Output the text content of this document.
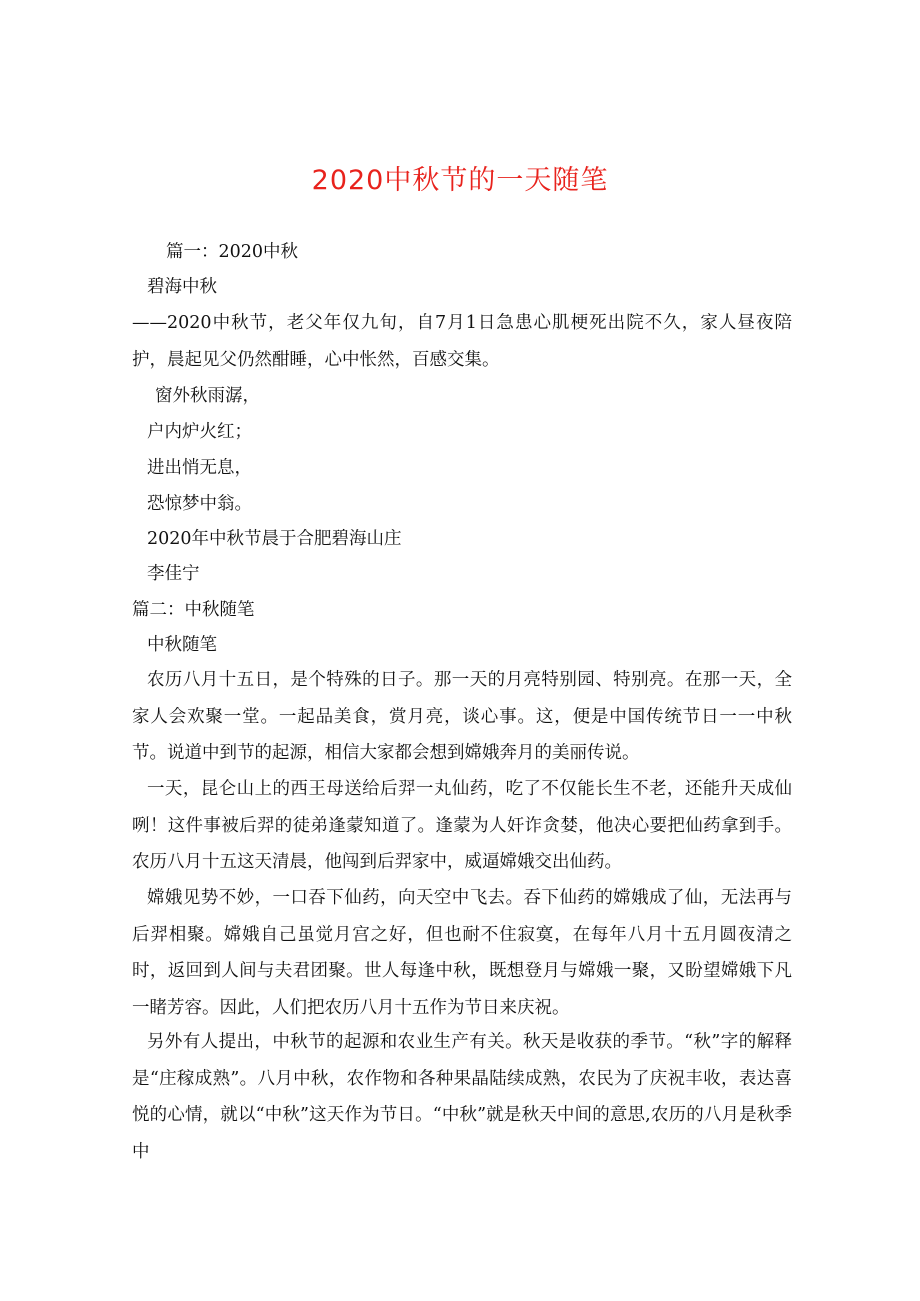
2020中秋节的一天随笔
篇一：2020中秋
碧海中秋
——2020中秋节，老父年仅九旬，自7月1日急患心肌梗死出院不久，家人昼夜陪护，晨起见父仍然酣睡，心中怅然，百感交集。
窗外秋雨潺，
户内炉火红；
进出悄无息，
恐惊梦中翁。
2020年中秋节晨于合肥碧海山庄
李佳宁
篇二：中秋随笔
中秋随笔
农历八月十五日，是个特殊的日子。那一天的月亮特别园、特别亮。在那一天，全家人会欢聚一堂。一起品美食，赏月亮，谈心事。这，便是中国传统节日一一中秋节。说道中到节的起源，相信大家都会想到嫦娥奔月的美丽传说。
一天，昆仑山上的西王母送给后羿一丸仙药，吃了不仅能长生不老，还能升天成仙咧！这件事被后羿的徒弟逢蒙知道了。逢蒙为人奸诈贪婪，他决心要把仙药拿到手。农历八月十五这天清晨，他闯到后羿家中，威逼嫦娥交出仙药。
嫦娥见势不妙，一口吞下仙药，向天空中飞去。吞下仙药的嫦娥成了仙，无法再与后羿相聚。嫦娥自己虽觉月宫之好，但也耐不住寂寞，在每年八月十五月圆夜清之时，返回到人间与夫君团聚。世人每逢中秋，既想登月与嫦娥一聚，又盼望嫦娥下凡一睹芳容。因此，人们把农历八月十五作为节日来庆祝。
另外有人提出，中秋节的起源和农业生产有关。秋天是收获的季节。“秋”字的解释是“庄稼成熟”。八月中秋，农作物和各种果晶陆续成熟，农民为了庆祝丰收，表达喜悦的心情，就以“中秋”这天作为节日。“中秋”就是秋天中间的意思,农历的八月是秋季中
